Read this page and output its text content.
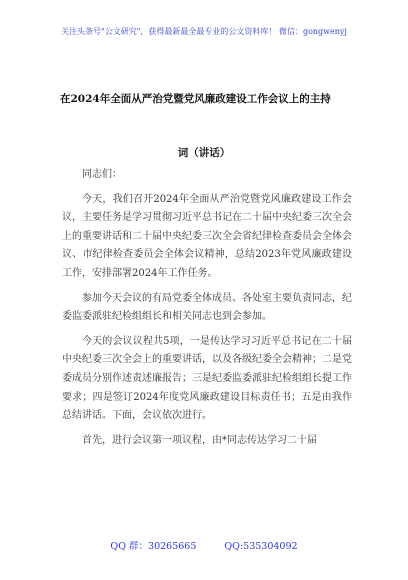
关注头条号"公文研究"，获得最新最全最专业的公文资料库！ 微信：gongwenyj
在2024年全面从严治党暨党风廉政建设工作会议上的主持
词（讲话）

同志们：

今天，我们召开2024年全面从严治党暨党风廉政建设工作会议，主要任务是学习贯彻习近平总书记在二十届中央纪委三次全会上的重要讲话和二十届中央纪委三次全会省纪律检查委员会全体会议、市纪律检查委员会全体会议精神，总结2023年党风廉政建设工作，安排部署2024年工作任务。

参加今天会议的有局党委全体成员、各处室主要负责同志，纪委监委派驻纪检组组长和相关同志也到会参加。

今天的会议议程共5项，一是传达学习习近平总书记在二十届中央纪委三次全会上的重要讲话，以及各级纪委全会精神；二是党委成员分别作述责述廉报告；三是纪委监委派驻纪检组组长提工作要求；四是签订2024年度党风廉政建设目标责任书；五是由我作总结讲话。下面，会议依次进行。

首先，进行会议第一项议程，由*同志传达学习二十届

QQ 群：30265665	QQ:535304092
